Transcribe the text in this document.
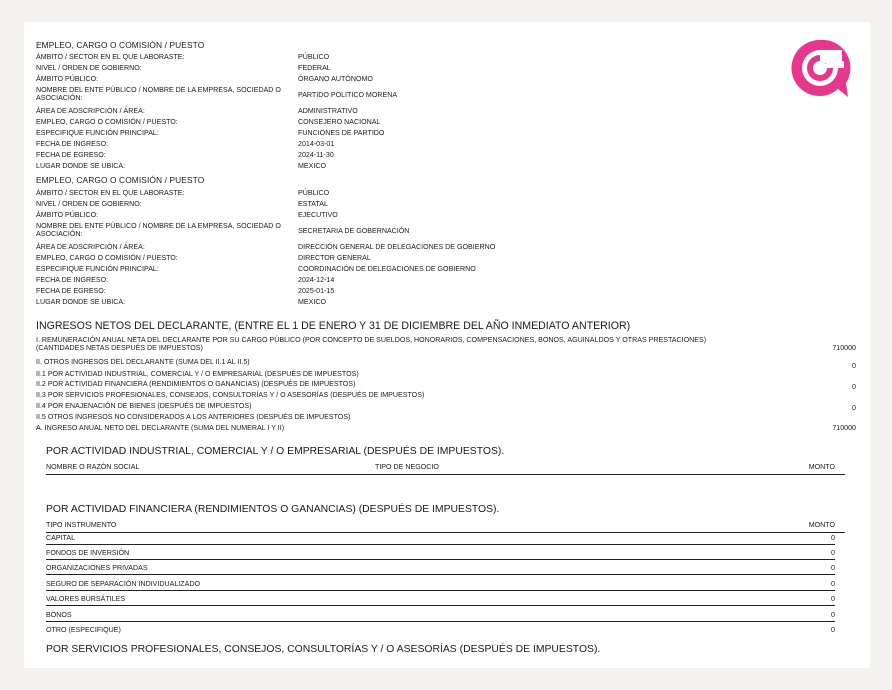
EMPLEO, CARGO O COMISIÓN / PUESTO
ÁMBITO / SECTOR EN EL QUE LABORASTE:	PÚBLICO
NIVEL / ORDEN DE GOBIERNO:	FEDERAL
ÁMBITO PÚBLICO:	ÓRGANO AUTÓNOMO
NOMBRE DEL ENTE PÚBLICO / NOMBRE DE LA EMPRESA, SOCIEDAD O ASOCIACIÓN:	PARTIDO POLITICO MORENA
ÁREA DE ADSCRIPCIÓN / ÁREA:	ADMINISTRATIVO
EMPLEO, CARGO O COMISIÓN / PUESTO:	CONSEJERO NACIONAL
ESPECIFIQUE FUNCIÓN PRINCIPAL:	FUNCIONES DE PARTIDO
FECHA DE INGRESO:	2014-03-01
FECHA DE EGRESO:	2024-11-30
LUGAR DONDE SE UBICA:	MEXICO
EMPLEO, CARGO O COMISIÓN / PUESTO
ÁMBITO / SECTOR EN EL QUE LABORASTE:	PÚBLICO
NIVEL / ORDEN DE GOBIERNO:	ESTATAL
ÁMBITO PÚBLICO:	EJECUTIVO
NOMBRE DEL ENTE PÚBLICO / NOMBRE DE LA EMPRESA, SOCIEDAD O ASOCIACIÓN:	SECRETARIA DE GOBERNACIÓN
ÁREA DE ADSCRIPCIÓN / ÁREA:	DIRECCIÓN GENERAL DE DELEGACIONES DE GOBIERNO
EMPLEO, CARGO O COMISIÓN / PUESTO:	DIRECTOR GENERAL
ESPECIFIQUE FUNCIÓN PRINCIPAL:	COORDINACIÓN DE DELEGACIONES DE GOBIERNO
FECHA DE INGRESO:	2024-12-14
FECHA DE EGRESO:	2025-01-15
LUGAR DONDE SE UBICA:	MEXICO
INGRESOS NETOS DEL DECLARANTE, (ENTRE EL 1 DE ENERO Y 31 DE DICIEMBRE DEL AÑO INMEDIATO ANTERIOR)
I. REMUNERACIÓN ANUAL NETA DEL DECLARANTE POR SU CARGO PÚBLICO (POR CONCEPTO DE SUELDOS, HONORARIOS, COMPENSACIONES, BONOS, AGUINALDOS Y OTRAS PRESTACIONES) (CANTIDADES NETAS DESPUÉS DE IMPUESTOS)	710000
II. OTROS INGRESOS DEL DECLARANTE (SUMA DEL II.1 AL II.5)	0
II.1 POR ACTIVIDAD INDUSTRIAL, COMERCIAL Y / O EMPRESARIAL (DESPUÉS DE IMPUESTOS)
II.2 POR ACTIVIDAD FINANCIERA (RENDIMIENTOS O GANANCIAS) (DESPUÉS DE IMPUESTOS)	0
II.3 POR SERVICIOS PROFESIONALES, CONSEJOS, CONSULTORÍAS Y / O ASESORÍAS (DESPUÉS DE IMPUESTOS)
II.4 POR ENAJENACIÓN DE BIENES (DESPUÉS DE IMPUESTOS)	0
II.5 OTROS INGRESOS NO CONSIDERADOS A LOS ANTERIORES (DESPUÉS DE IMPUESTOS)
A. INGRESO ANUAL NETO DEL DECLARANTE (SUMA DEL NUMERAL I Y II)	710000
POR ACTIVIDAD INDUSTRIAL, COMERCIAL Y / O EMPRESARIAL (DESPUÉS DE IMPUESTOS).
NOMBRE O RAZÓN SOCIAL	TIPO DE NEGOCIO	MONTO
POR ACTIVIDAD FINANCIERA (RENDIMIENTOS O GANANCIAS) (DESPUÉS DE IMPUESTOS).
TIPO INSTRUMENTO	MONTO
CAPITAL	0
FONDOS DE INVERSIÓN	0
ORGANIZACIONES PRIVADAS	0
SEGURO DE SEPARACIÓN INDIVIDUALIZADO	0
VALORES BURSÁTILES	0
BONOS	0
OTRO (ESPECIFIQUE)	0
POR SERVICIOS PROFESIONALES, CONSEJOS, CONSULTORÍAS Y / O ASESORÍAS (DESPUÉS DE IMPUESTOS).
